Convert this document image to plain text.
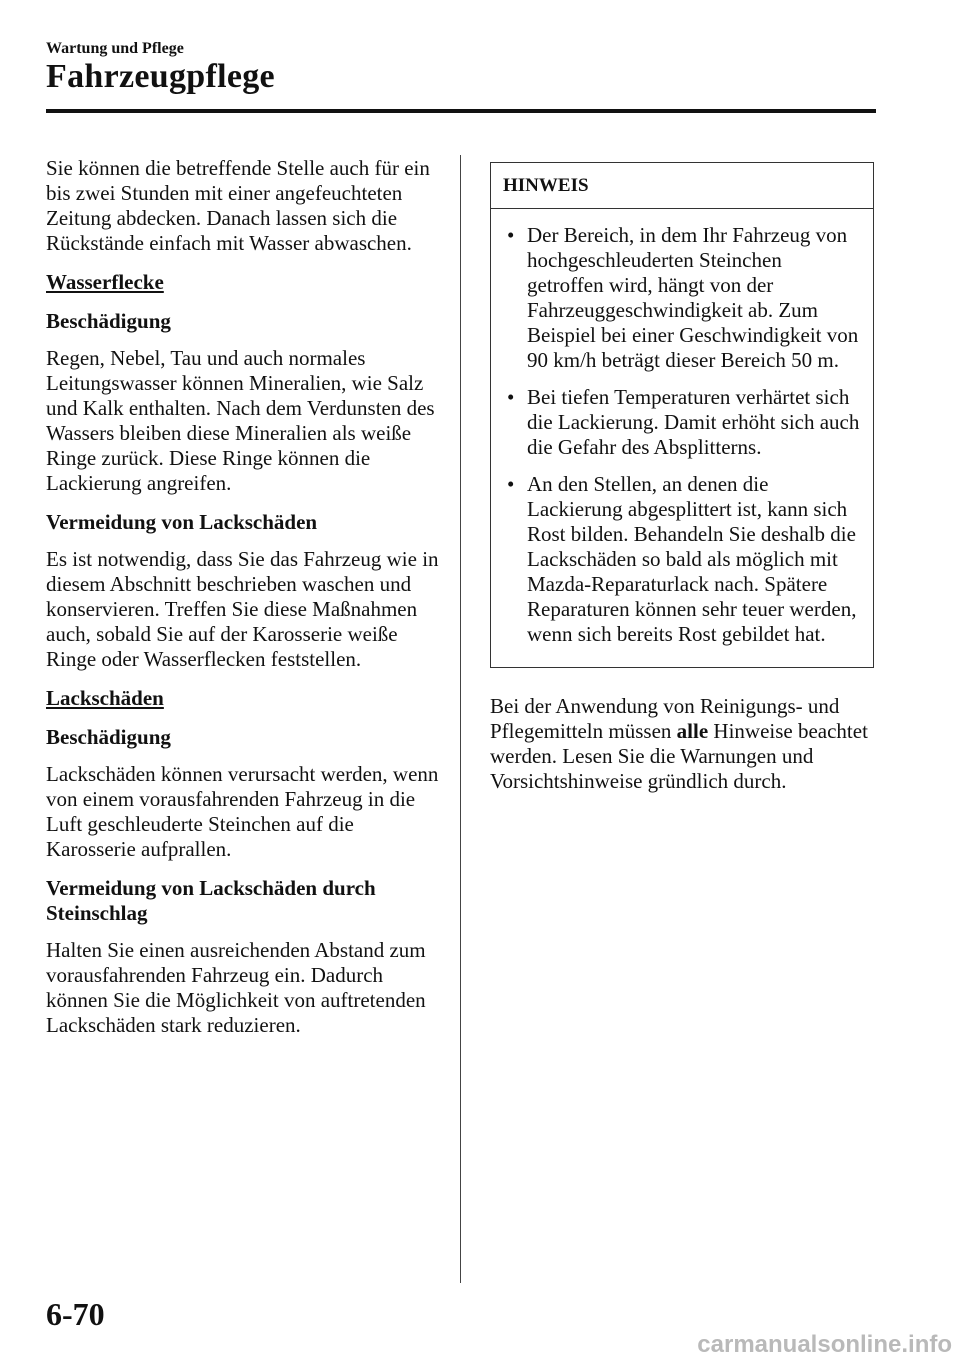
Wartung und Pflege
Fahrzeugpflege

Sie können die betreffende Stelle auch für ein bis zwei Stunden mit einer angefeuchteten Zeitung abdecken. Danach lassen sich die Rückstände einfach mit Wasser abwaschen.

Wasserflecke
Beschädigung

Regen, Nebel, Tau und auch normales Leitungswasser können Mineralien, wie Salz und Kalk enthalten. Nach dem Verdunsten des Wassers bleiben diese Mineralien als weiße Ringe zurück. Diese Ringe können die Lackierung angreifen.

Vermeidung von Lackschäden

Es ist notwendig, dass Sie das Fahrzeug wie in diesem Abschnitt beschrieben waschen und konservieren. Treffen Sie diese Maßnahmen auch, sobald Sie auf der Karosserie weiße Ringe oder Wasserflecken feststellen.

Lackschäden
Beschädigung

Lackschäden können verursacht werden, wenn von einem vorausfahrenden Fahrzeug in die Luft geschleuderte Steinchen auf die Karosserie aufprallen.

Vermeidung von Lackschäden durch Steinschlag

Halten Sie einen ausreichenden Abstand zum vorausfahrenden Fahrzeug ein. Dadurch können Sie die Möglichkeit von auftretenden Lackschäden stark reduzieren.

HINWEIS
• Der Bereich, in dem Ihr Fahrzeug von hochgeschleuderten Steinchen getroffen wird, hängt von der Fahrzeuggeschwindigkeit ab. Zum Beispiel bei einer Geschwindigkeit von 90 km/h beträgt dieser Bereich 50 m.
• Bei tiefen Temperaturen verhärtet sich die Lackierung. Damit erhöht sich auch die Gefahr des Absplitterns.
• An den Stellen, an denen die Lackierung abgesplittert ist, kann sich Rost bilden. Behandeln Sie deshalb die Lackschäden so bald als möglich mit Mazda-Reparaturlack nach. Spätere Reparaturen können sehr teuer werden, wenn sich bereits Rost gebildet hat.

Bei der Anwendung von Reinigungs- und Pflegemitteln müssen alle Hinweise beachtet werden. Lesen Sie die Warnungen und Vorsichtshinweise gründlich durch.

6-70
carmanualsonline.info
